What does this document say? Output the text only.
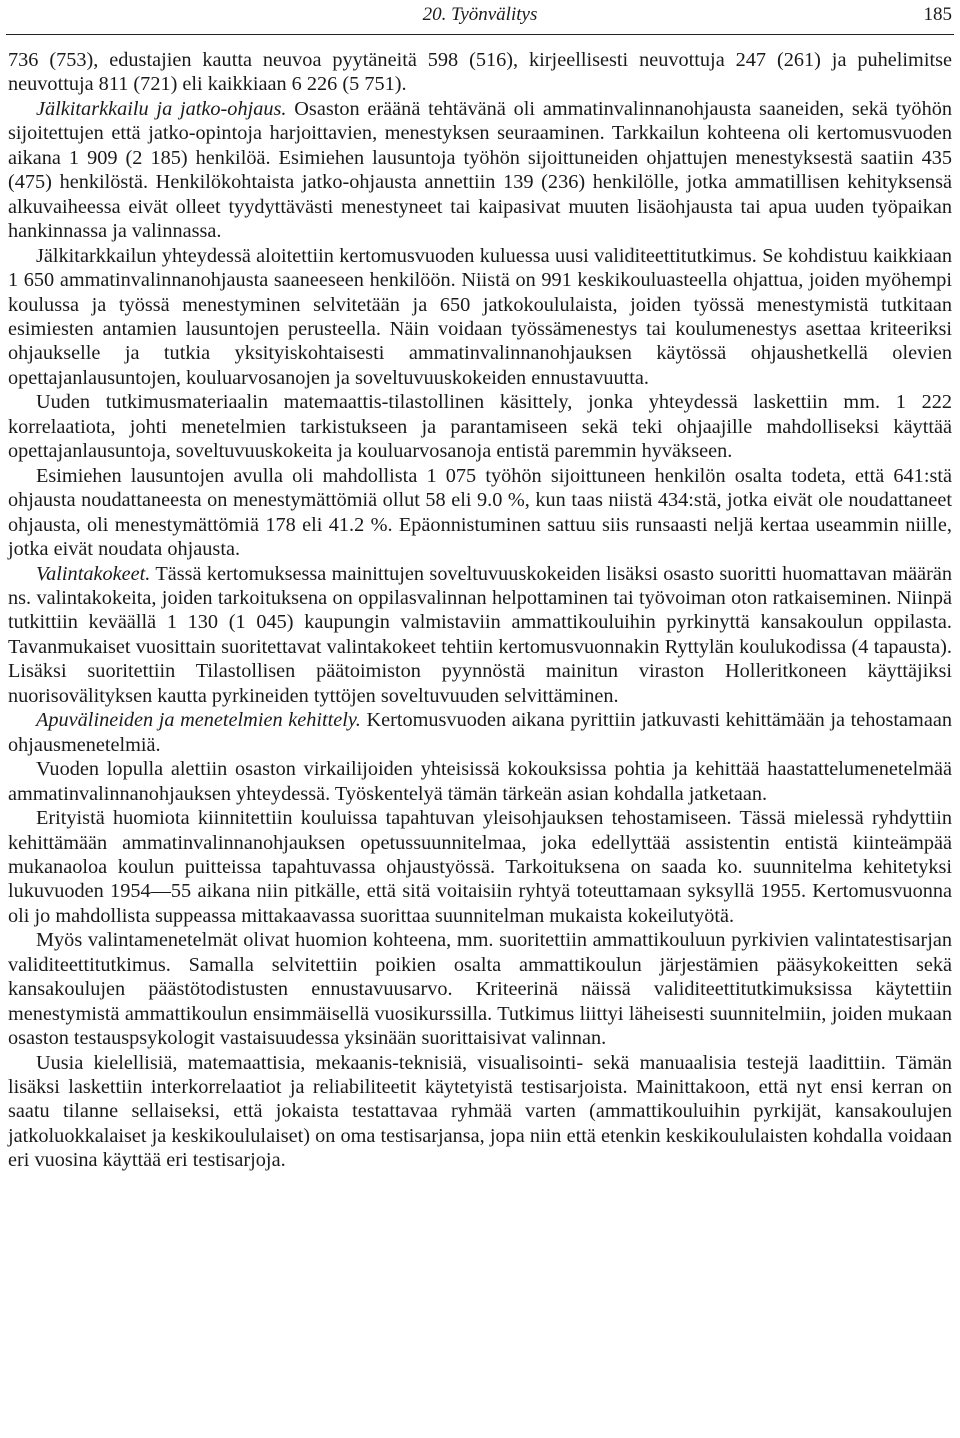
20. Työnvälitys	185

736 (753), edustajien kautta neuvoa pyytäneitä 598 (516), kirjeellisesti neuvottuja 247 (261) ja puhelimitse neuvottuja 811 (721) eli kaikkiaan 6 226 (5 751).

Jälkitarkkailu ja jatko-ohjaus. Osaston eräänä tehtävänä oli ammatinvalinnanohjausta saaneiden, sekä työhön sijoitettujen että jatko-opintoja harjoittavien, menestyksen seuraaminen. Tarkkailun kohteena oli kertomusvuoden aikana 1 909 (2 185) henkilöä. Esimiehen lausuntoja työhön sijoittuneiden ohjattujen menestyksestä saatiin 435 (475) henkilöstä. Henkilökohtaista jatko-ohjausta annettiin 139 (236) henkilölle, jotka ammatillisen kehityksensä alkuvaiheessa eivät olleet tyydyttävästi menestyneet tai kaipasivat muuten lisäohjausta tai apua uuden työpaikan hankinnassa ja valinnassa.

Jälkitarkkailun yhteydessä aloitettiin kertomusvuoden kuluessa uusi validiteettitutkimus. Se kohdistuu kaikkiaan 1 650 ammatinvalinnanohjausta saaneeseen henkilöön. Niistä on 991 keskikouluasteella ohjattua, joiden myöhempi koulussa ja työssä menestyminen selvitetään ja 650 jatkokoululaista, joiden työssä menestymistä tutkitaan esimiesten antamien lausuntojen perusteella. Näin voidaan työssämenestys tai koulumenestys asettaa kriteeriksi ohjaukselle ja tutkia yksityiskohtaisesti ammatinvalinnanohjauksen käytössä ohjaushetkellä olevien opettajanlausuntojen, kouluarvosanojen ja soveltuvuuskokeiden ennustavuutta.

Uuden tutkimusmateriaalin matemaattis-tilastollinen käsittely, jonka yhteydessä laskettiin mm. 1 222 korrelaatiota, johti menetelmien tarkistukseen ja parantamiseen sekä teki ohjaajille mahdolliseksi käyttää opettajanlausuntoja, soveltuvuuskokeita ja kouluarvosanoja entistä paremmin hyväkseen.

Esimiehen lausuntojen avulla oli mahdollista 1 075 työhön sijoittuneen henkilön osalta todeta, että 641:stä ohjausta noudattaneesta on menestymättömiä ollut 58 eli 9.0 %, kun taas niistä 434:stä, jotka eivät ole noudattaneet ohjausta, oli menestymättömiä 178 eli 41.2 %. Epäonnistuminen sattuu siis runsaasti neljä kertaa useammin niille, jotka eivät noudata ohjausta.

Valintakokeet. Tässä kertomuksessa mainittujen soveltuvuuskokeiden lisäksi osasto suoritti huomattavan määrän ns. valintakokeita, joiden tarkoituksena on oppilasvalinnan helpottaminen tai työvoiman oton ratkaiseminen. Niinpä tutkittiin keväällä 1 130 (1 045) kaupungin valmistaviin ammattikouluihin pyrkinyttä kansakoulun oppilasta. Tavanmukaiset vuosittain suoritettavat valintakokeet tehtiin kertomusvuonnakin Ryttylän koulukodissa (4 tapausta). Lisäksi suoritettiin Tilastollisen päätoimiston pyynnöstä mainitun viraston Holleritkoneen käyttäjiksi nuorisovälityksen kautta pyrkineiden tyttöjen soveltuvuuden selvittäminen.

Apuvälineiden ja menetelmien kehittely. Kertomusvuoden aikana pyrittiin jatkuvasti kehittämään ja tehostamaan ohjausmenetelmiä.

Vuoden lopulla alettiin osaston virkailijoiden yhteisissä kokouksissa pohtia ja kehittää haastattelumenetelmää ammatinvalinnanohjauksen yhteydessä. Työskentelyä tämän tärkeän asian kohdalla jatketaan.

Erityistä huomiota kiinnitettiin kouluissa tapahtuvan yleisohjauksen tehostamiseen. Tässä mielessä ryhdyttiin kehittämään ammatinvalinnanohjauksen opetussuunnitelmaa, joka edellyttää assistentin entistä kiinteämpää mukanaoloa koulun puitteissa tapahtuvassa ohjaustyössä. Tarkoituksena on saada ko. suunnitelma kehitetyksi lukuvuoden 1954—55 aikana niin pitkälle, että sitä voitaisiin ryhtyä toteuttamaan syksyllä 1955. Kertomusvuonna oli jo mahdollista suppeassa mittakaavassa suorittaa suunnitelman mukaista kokeilutyötä.

Myös valintamenetelmät olivat huomion kohteena, mm. suoritettiin ammattikouluun pyrkivien valintatestisarjan validiteettitutkimus. Samalla selvitettiin poikien osalta ammattikoulun järjestämien pääsykokeitten sekä kansakoulujen päästötodistusten ennustavuusarvo. Kriteerinä näissä validiteettitutkimuksissa käytettiin menestymistä ammattikoulun ensimmäisellä vuosikurssilla. Tutkimus liittyi läheisesti suunnitelmiin, joiden mukaan osaston testauspsykologit vastaisuudessa yksinään suorittaisivat valinnan.

Uusia kielellisiä, matemaattisia, mekaanis-teknisiä, visualisointi- sekä manuaalisia testejä laadittiin. Tämän lisäksi laskettiin interkorrelaatiot ja reliabiliteetit käytetyistä testisarjoista. Mainittakoon, että nyt ensi kerran on saatu tilanne sellaiseksi, että jokaista testattavaa ryhmää varten (ammattikouluihin pyrkijät, kansakoulujen jatkoluokkalaiset ja keskikoululaiset) on oma testisarjansa, jopa niin että etenkin keskikoululaisten kohdalla voidaan eri vuosina käyttää eri testisarjoja.
